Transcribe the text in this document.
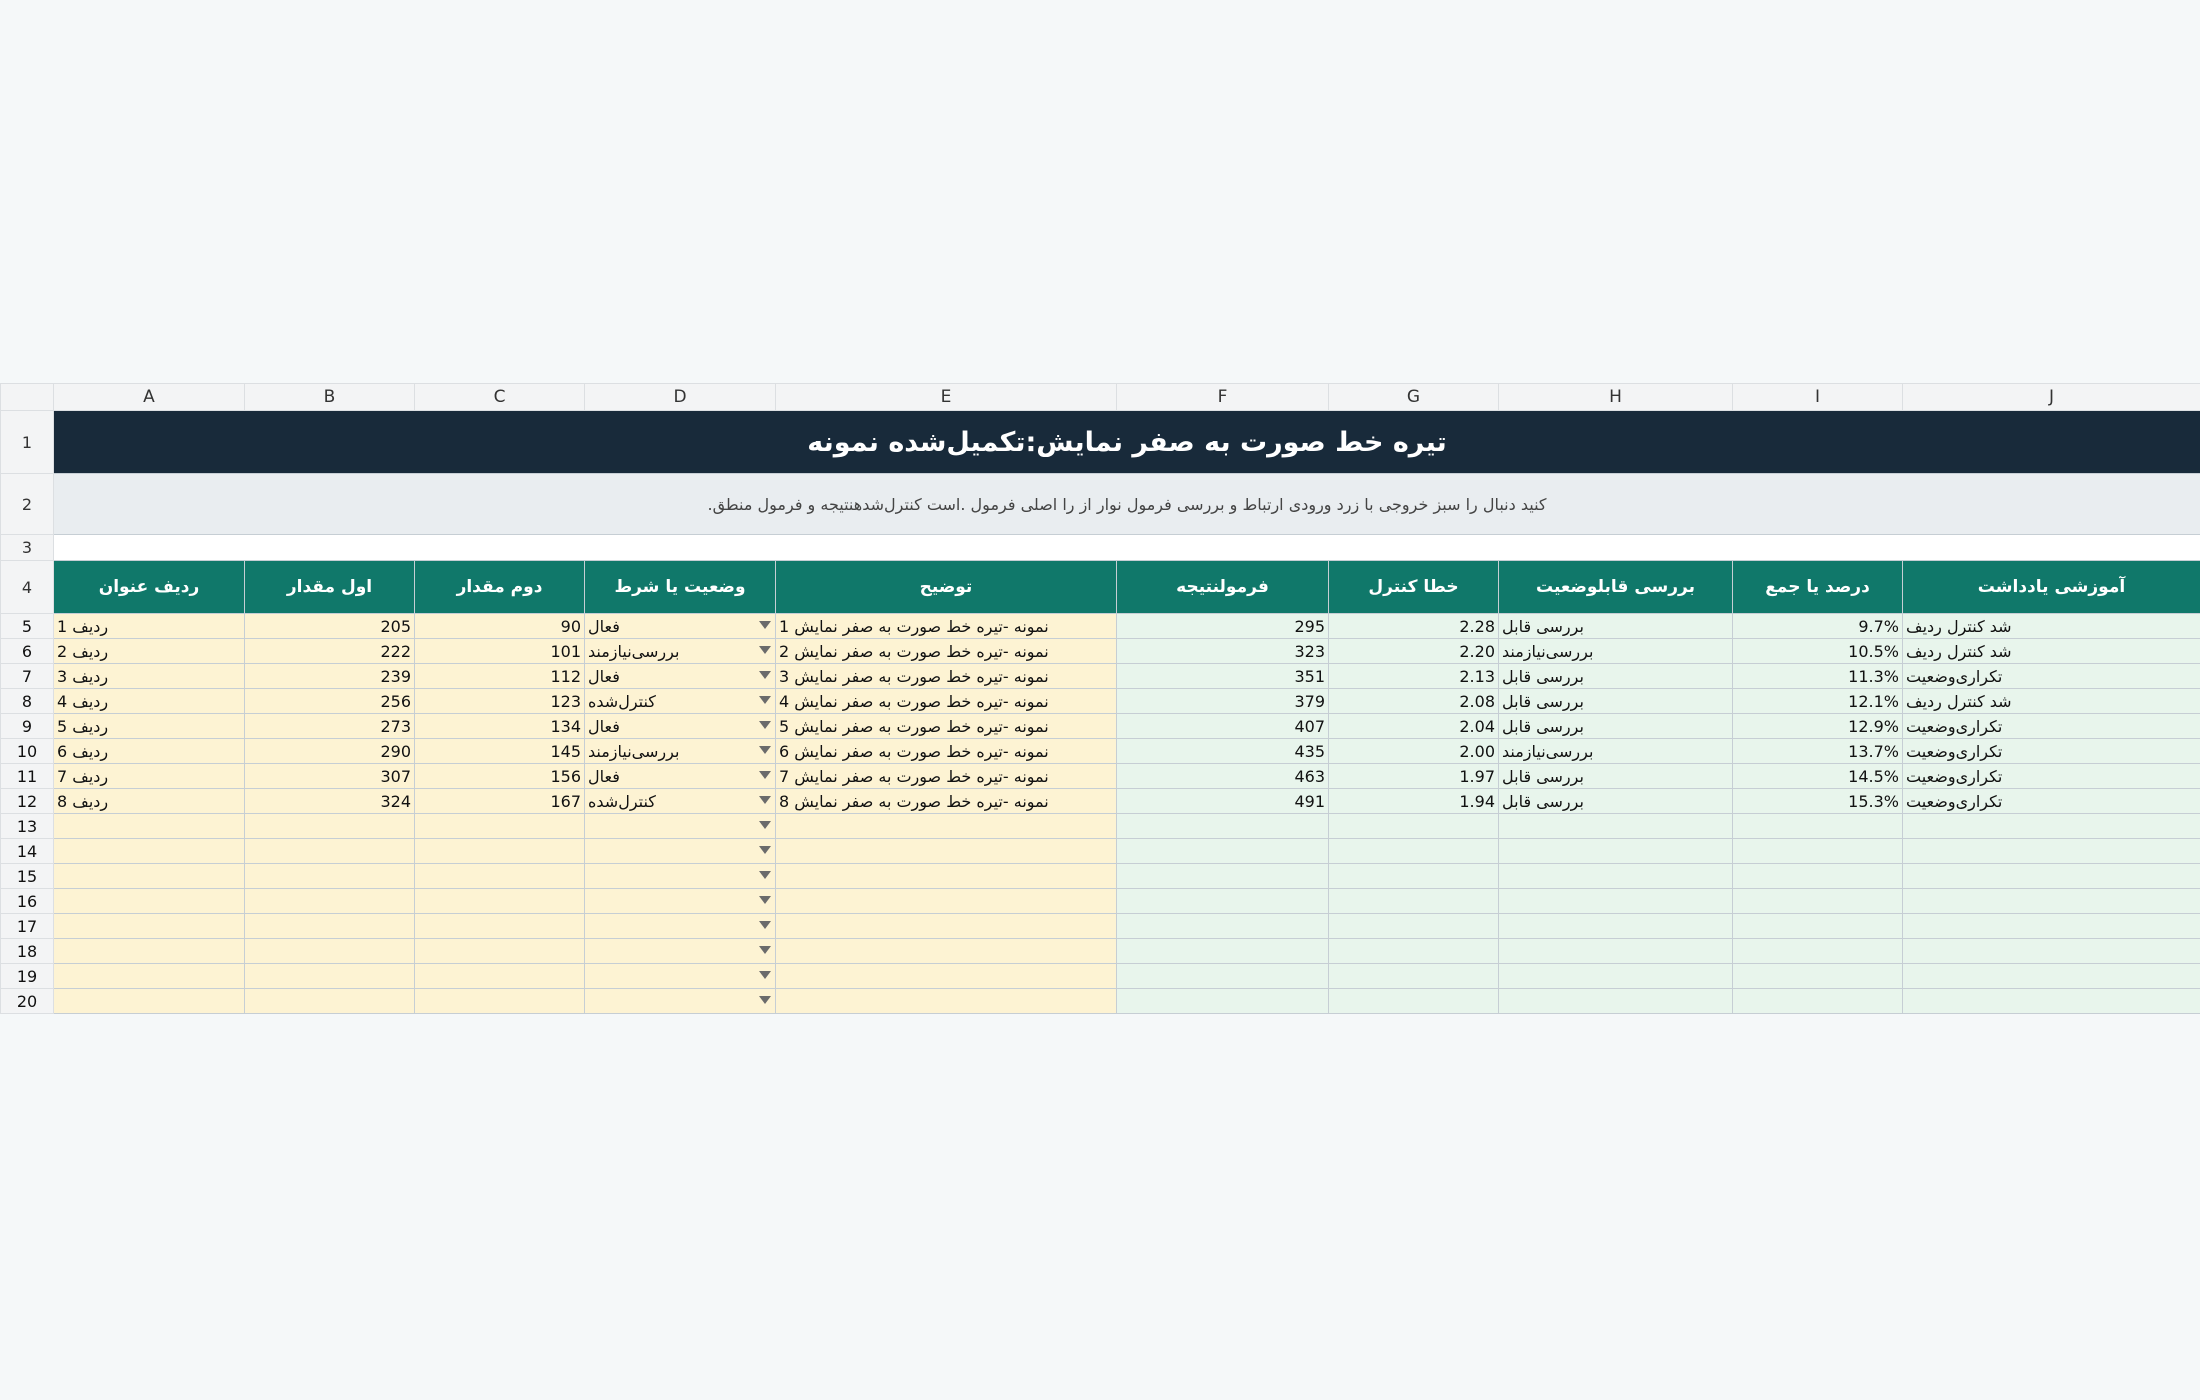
	A	B	C	D	E	F	G	H	I	J
1	تیره خط صورت به صفر نمایش:تکمیل‌شده نمونه									
2	.کنید دنبال را سبز خروجی با زرد ورودی ارتباط و بررسی فرمول نوار از را اصلی فرمول .است کنترل‌شدهنتیجه و فرمول منطق									
3										
4	ردیف عنوان	اول مقدار	دوم مقدار	وضعیت یا شرط	توضیح	فرمولنتیجه	خطا کنترل	بررسی قابلوضعیت	درصد یا جمع	آموزشی یادداشت
5	ردیف 1	205	90	فعال	1 نمونه -تیره خط صورت به صفر نمایش	295	2.28	بررسی قابل	9.7%	شد کنترل ردیف
6	ردیف 2	222	101	بررسی‌نیازمند	2 نمونه -تیره خط صورت به صفر نمایش	323	2.20	بررسی‌نیازمند	10.5%	شد کنترل ردیف
7	ردیف 3	239	112	فعال	3 نمونه -تیره خط صورت به صفر نمایش	351	2.13	بررسی قابل	11.3%	تکراری‌وضعیت
8	ردیف 4	256	123	کنترل‌شده	4 نمونه -تیره خط صورت به صفر نمایش	379	2.08	بررسی قابل	12.1%	شد کنترل ردیف
9	ردیف 5	273	134	فعال	5 نمونه -تیره خط صورت به صفر نمایش	407	2.04	بررسی قابل	12.9%	تکراری‌وضعیت
10	ردیف 6	290	145	بررسی‌نیازمند	6 نمونه -تیره خط صورت به صفر نمایش	435	2.00	بررسی‌نیازمند	13.7%	تکراری‌وضعیت
11	ردیف 7	307	156	فعال	7 نمونه -تیره خط صورت به صفر نمایش	463	1.97	بررسی قابل	14.5%	تکراری‌وضعیت
12	ردیف 8	324	167	کنترل‌شده	8 نمونه -تیره خط صورت به صفر نمایش	491	1.94	بررسی قابل	15.3%	تکراری‌وضعیت
13				

14				

15				

16				

17				

18				

19				

20				
